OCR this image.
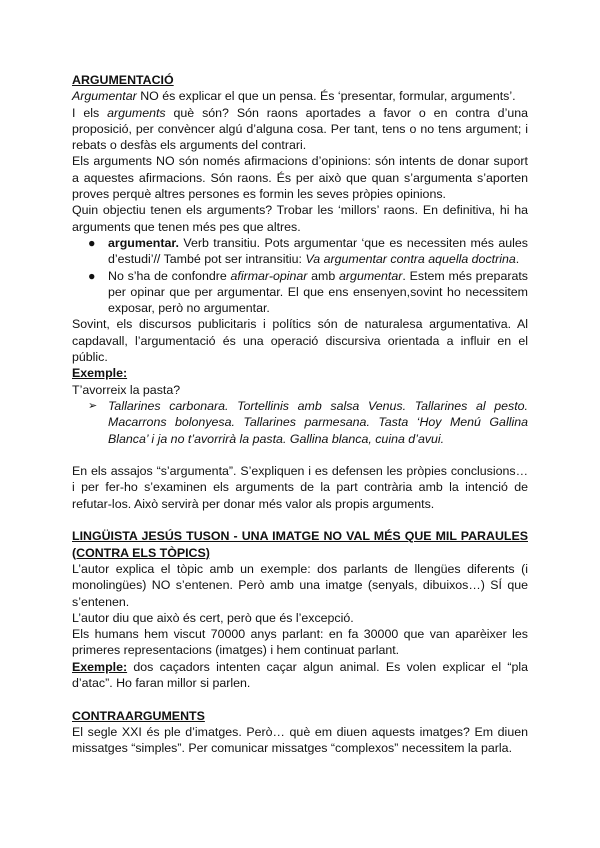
ARGUMENTACIÓ
Argumentar NO és explicar el que un pensa. És ‘presentar, formular, arguments’.
I els arguments què són? Són raons aportades a favor o en contra d’una proposició, per convèncer algú d’alguna cosa. Per tant, tens o no tens argument; i rebats o desfàs els arguments del contrari.
Els arguments NO són només afirmacions d’opinions: són intents de donar suport a aquestes afirmacions. Són raons. És per això que quan s’argumenta s’aporten proves perquè altres persones es formin les seves pròpies opinions.
Quin objectiu tenen els arguments? Trobar les ‘millors’ raons. En definitiva, hi ha arguments que tenen més pes que altres.
● argumentar. Verb transitiu. Pots argumentar ‘que es necessiten més aules d’estudi’// També pot ser intransitiu: Va argumentar contra aquella doctrina.
● No s’ha de confondre afirmar-opinar amb argumentar. Estem més preparats per opinar que per argumentar. El que ens ensenyen,sovint ho necessitem exposar, però no argumentar.
Sovint, els discursos publicitaris i polítics són de naturalesa argumentativa. Al capdavall, l’argumentació és una operació discursiva orientada a influir en el públic.
Exemple:
T’avorreix la pasta?
➢ Tallarines carbonara. Tortellinis amb salsa Venus. Tallarines al pesto. Macarrons bolonyesa. Tallarines parmesana. Tasta ‘Hoy Menú Gallina Blanca’ i ja no t’avorrirà la pasta. Gallina blanca, cuina d’avui.
En els assajos “s’argumenta”. S’expliquen i es defensen les pròpies conclusions… i per fer-ho s’examinen els arguments de la part contrària amb la intenció de refutar-los. Això servirà per donar més valor als propis arguments.
LINGÜISTA JESÚS TUSON - UNA IMATGE NO VAL MÉS QUE MIL PARAULES (CONTRA ELS TÒPICS)
L’autor explica el tòpic amb un exemple: dos parlants de llengües diferents (i monolingües) NO s’entenen. Però amb una imatge (senyals, dibuixos…) SÍ que s’entenen.
L’autor diu que això és cert, però que és l’excepció.
Els humans hem viscut 70000 anys parlant: en fa 30000 que van aparèixer les primeres representacions (imatges) i hem continuat parlant.
Exemple: dos caçadors intenten caçar algun animal. Es volen explicar el “pla d’atac”. Ho faran millor si parlen.
CONTRAARGUMENTS
El segle XXI és ple d’imatges. Però… què em diuen aquests imatges? Em diuen missatges “simples”. Per comunicar missatges “complexos” necessitem la parla.
